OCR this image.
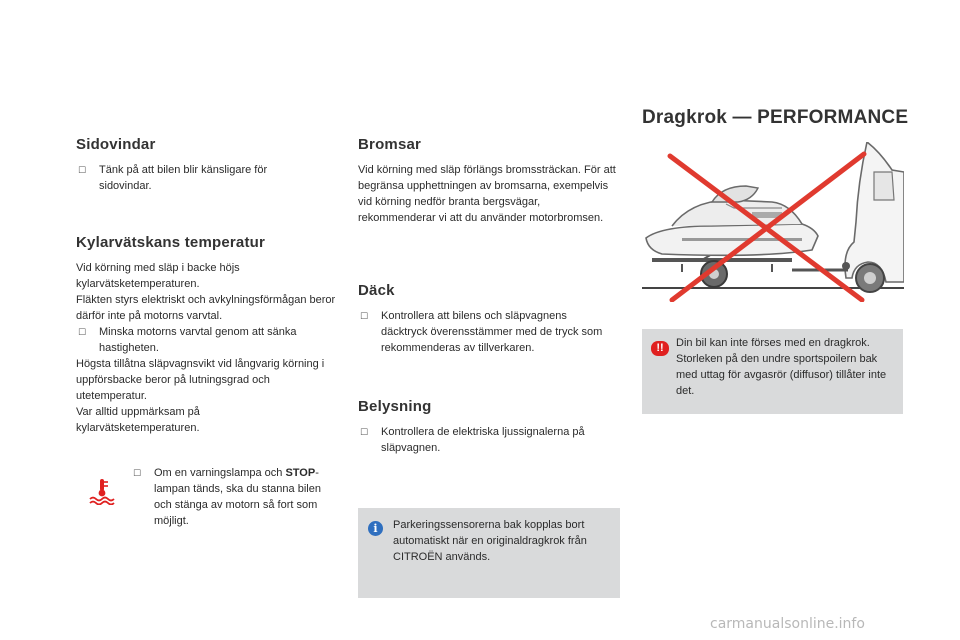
Sidovindar
☐ Tänk på att bilen blir känsligare för sidovindar.
Kylarvätskans temperatur

Vid körning med släp i backe höjs kylarvätsketemperaturen.

Fläkten styrs elektriskt och avkylningsförmågan beror därför inte på motorns varvtal.

☐ Minska motorns varvtal genom att sänka hastigheten.

Högsta tillåtna släpvagnsvikt vid långvarig körning i uppförsbacke beror på lutningsgrad och utetemperatur.

Var alltid uppmärksam på kylarvätsketemperaturen.

☐ Om en varningslampa och STOP-lampan tänds, ska du stanna bilen och stänga av motorn så fort som möjligt.
Bromsar

Vid körning med släp förlängs bromssträckan. För att begränsa upphettningen av bromsarna, exempelvis vid körning nedför branta bergsvägar, rekommenderar vi att du använder motorbromsen.

Däck
☐ Kontrollera att bilens och släpvagnens däcktryck överensstämmer med de tryck som rekommenderas av tillverkaren.
Belysning
☐ Kontrollera de elektriska ljussignalerna på släpvagnen.
i	Parkeringssensorerna bak kopplas bort automatiskt när en originaldragkrok från CITROËN används.

Dragkrok — PERFORMANCE
!!	Din bil kan inte förses med en dragkrok. Storleken på den undre sportspoilern bak med uttag för avgasrör (diffusor) tillåter inte det.

carmanualsonline.info
